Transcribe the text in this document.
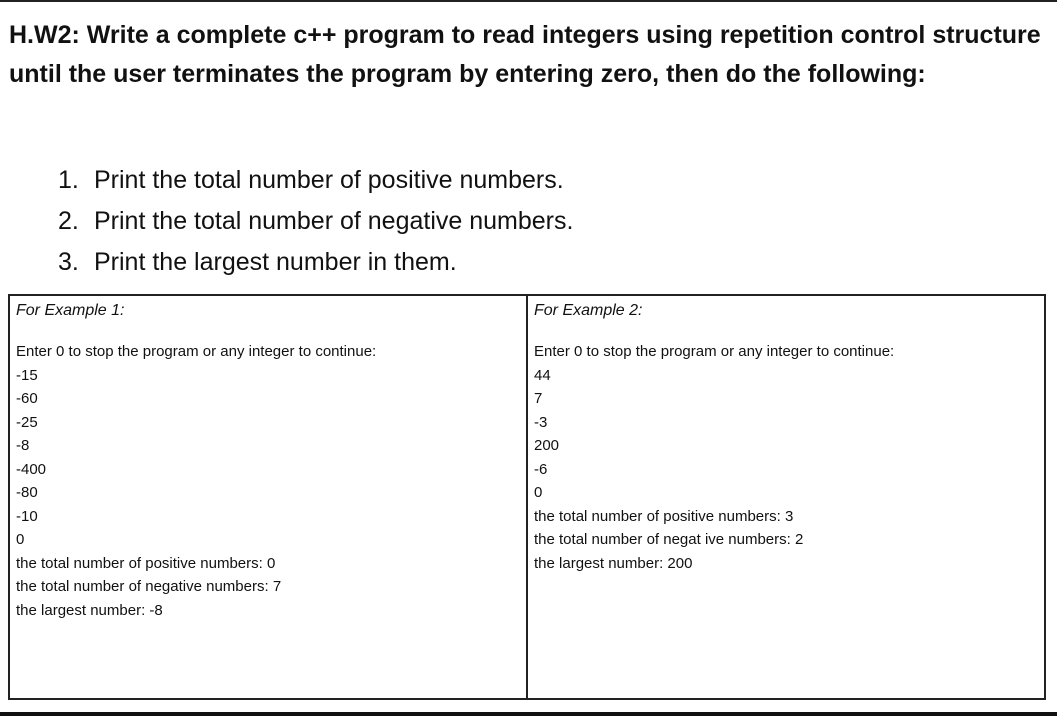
H.W2: Write a complete c++ program to read integers using repetition control structure until the user terminates the program by entering zero, then do the following:

1. Print the total number of positive numbers.
2. Print the total number of negative numbers.
3. Print the largest number in them.

For Example 1:

Enter 0 to stop the program or any integer to continue:
-15
-60
-25
-8
-400
-80
-10
0
the total number of positive numbers: 0
the total number of negative numbers: 7
the largest number: -8

For Example 2:

Enter 0 to stop the program or any integer to continue:
44
7
-3
200
-6
0
the total number of positive numbers: 3
the total number of negat ive numbers: 2
the largest number: 200
